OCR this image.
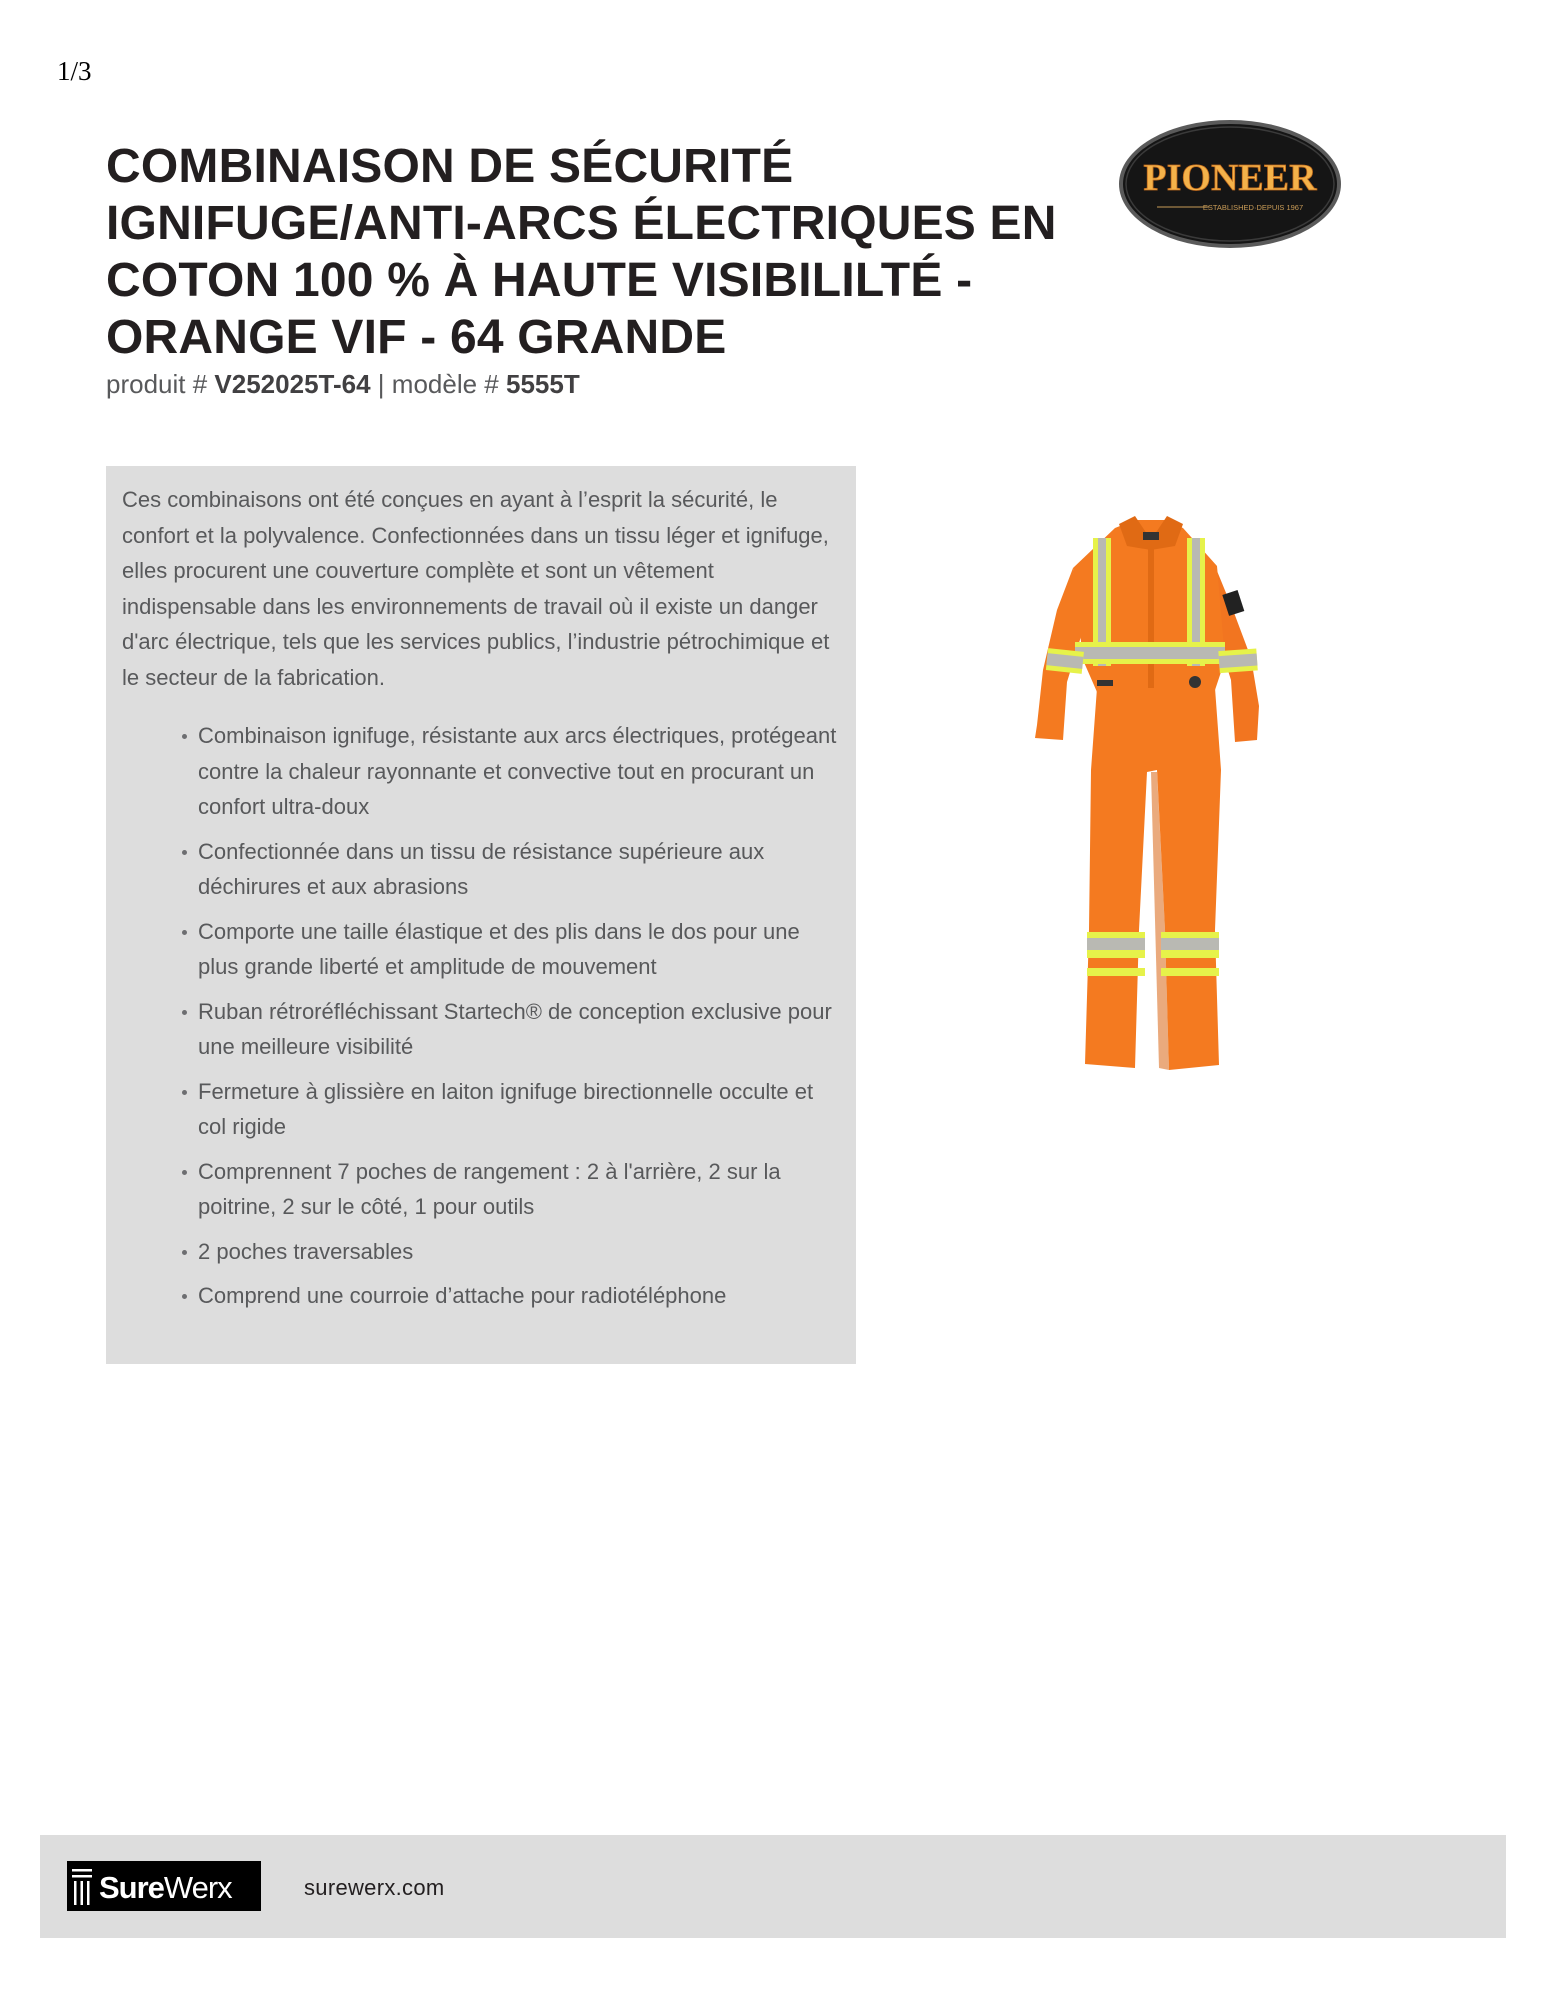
1/3
COMBINAISON DE SÉCURITÉ
IGNIFUGE/ANTI-ARCS ÉLECTRIQUES EN
COTON 100 % À HAUTE VISIBILILTÉ -
ORANGE VIF - 64 GRANDE
produit # V252025T-64 | modèle # 5555T
PIONEER
ESTABLISHED·DEPUIS 1967

Ces combinaisons ont été conçues en ayant à l’esprit la sécurité, le confort et la polyvalence. Confectionnées dans un tissu léger et ignifuge, elles procurent une couverture complète et sont un vêtement indispensable dans les environnements de travail où il existe un danger d'arc électrique, tels que les services publics, l’industrie pétrochimique et le secteur de la fabrication.

Combinaison ignifuge, résistante aux arcs électriques, protégeant contre la chaleur rayonnante et convective tout en procurant un confort ultra-doux
Confectionnée dans un tissu de résistance supérieure aux déchirures et aux abrasions
Comporte une taille élastique et des plis dans le dos pour une plus grande liberté et amplitude de mouvement
Ruban rétroréfléchissant Startech® de conception exclusive pour une meilleure visibilité
Fermeture à glissière en laiton ignifuge birectionnelle occulte et col rigide
Comprennent 7 poches de rangement : 2 à l'arrière, 2 sur la poitrine, 2 sur le côté, 1 pour outils
2 poches traversables
Comprend une courroie d’attache pour radiotéléphone
SureWerx	surewerx.com
